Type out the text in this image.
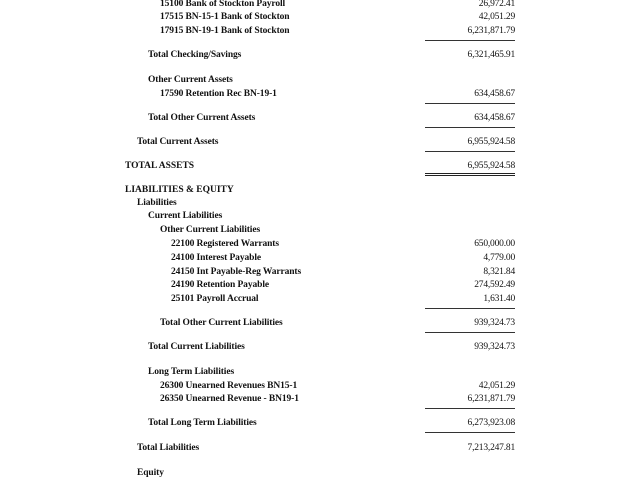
15100 Bank of Stockton Payroll	26,972.41
17515 BN-15-1 Bank of Stockton	42,051.29
17915 BN-19-1 Bank of Stockton	6,231,871.79
Total Checking/Savings	6,321,465.91
Other Current Assets
17590 Retention Rec BN-19-1	634,458.67
Total Other Current Assets	634,458.67
Total Current Assets	6,955,924.58
TOTAL ASSETS	6,955,924.58
LIABILITIES & EQUITY
Liabilities
Current Liabilities
Other Current Liabilities
22100 Registered Warrants	650,000.00
24100 Interest Payable	4,779.00
24150 Int Payable-Reg Warrants	8,321.84
24190 Retention Payable	274,592.49
25101 Payroll Accrual	1,631.40
Total Other Current Liabilities	939,324.73
Total Current Liabilities	939,324.73
Long Term Liabilities
26300 Unearned Revenues BN15-1	42,051.29
26350 Unearned Revenue - BN19-1	6,231,871.79
Total Long Term Liabilities	6,273,923.08
Total Liabilities	7,213,247.81
Equity
